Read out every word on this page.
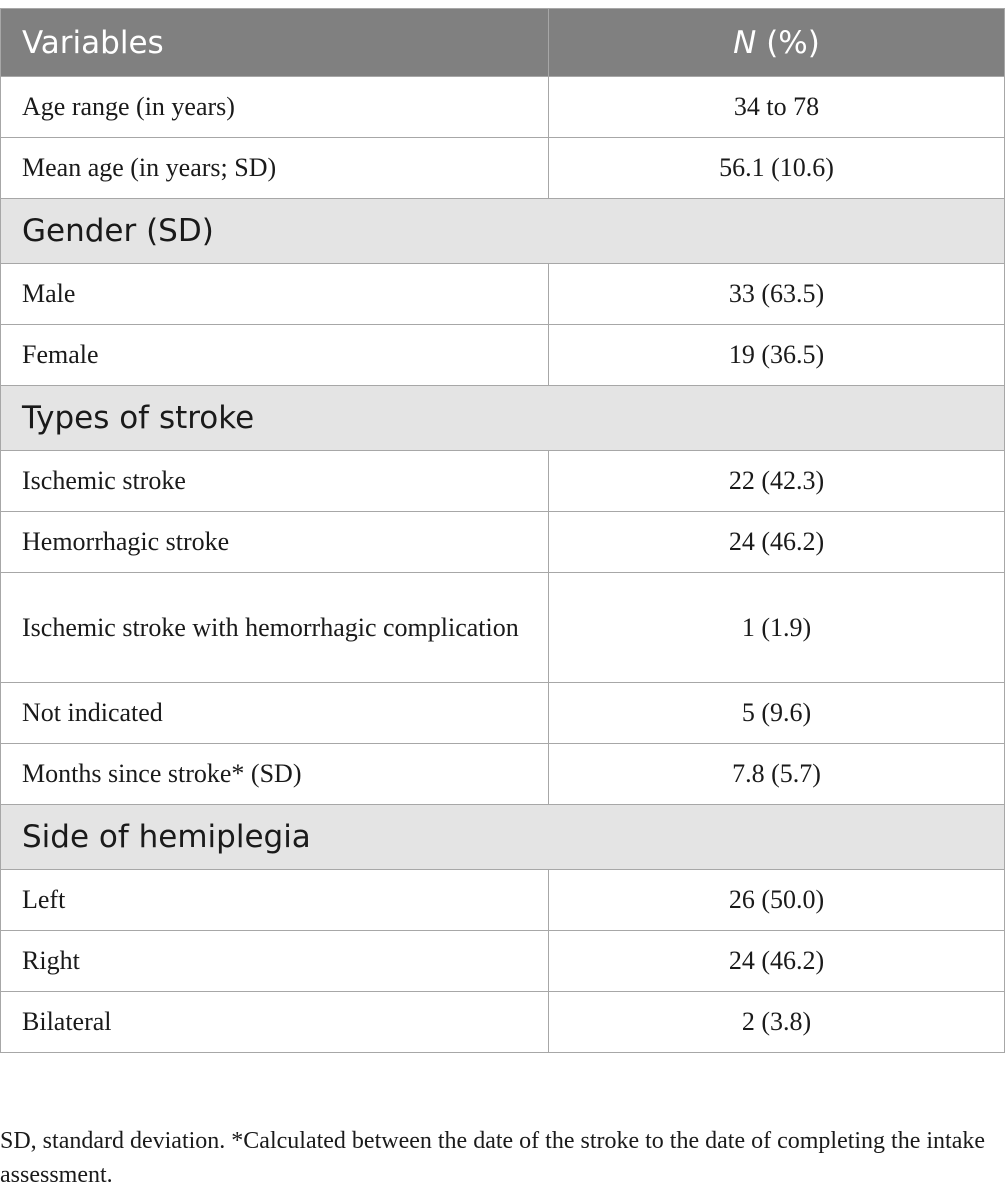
Variables	N (%)
Age range (in years)	34 to 78
Mean age (in years; SD)	56.1 (10.6)
Gender (SD)	
Male	33 (63.5)
Female	19 (36.5)
Types of stroke	
Ischemic stroke	22 (42.3)
Hemorrhagic stroke	24 (46.2)
Ischemic stroke with hemorrhagic complication	1 (1.9)
Not indicated	5 (9.6)
Months since stroke* (SD)	7.8 (5.7)
Side of hemiplegia	
Left	26 (50.0)
Right	24 (46.2)
Bilateral	2 (3.8)

SD, standard deviation. *Calculated between the date of the stroke to the date of completing the intake assessment.
